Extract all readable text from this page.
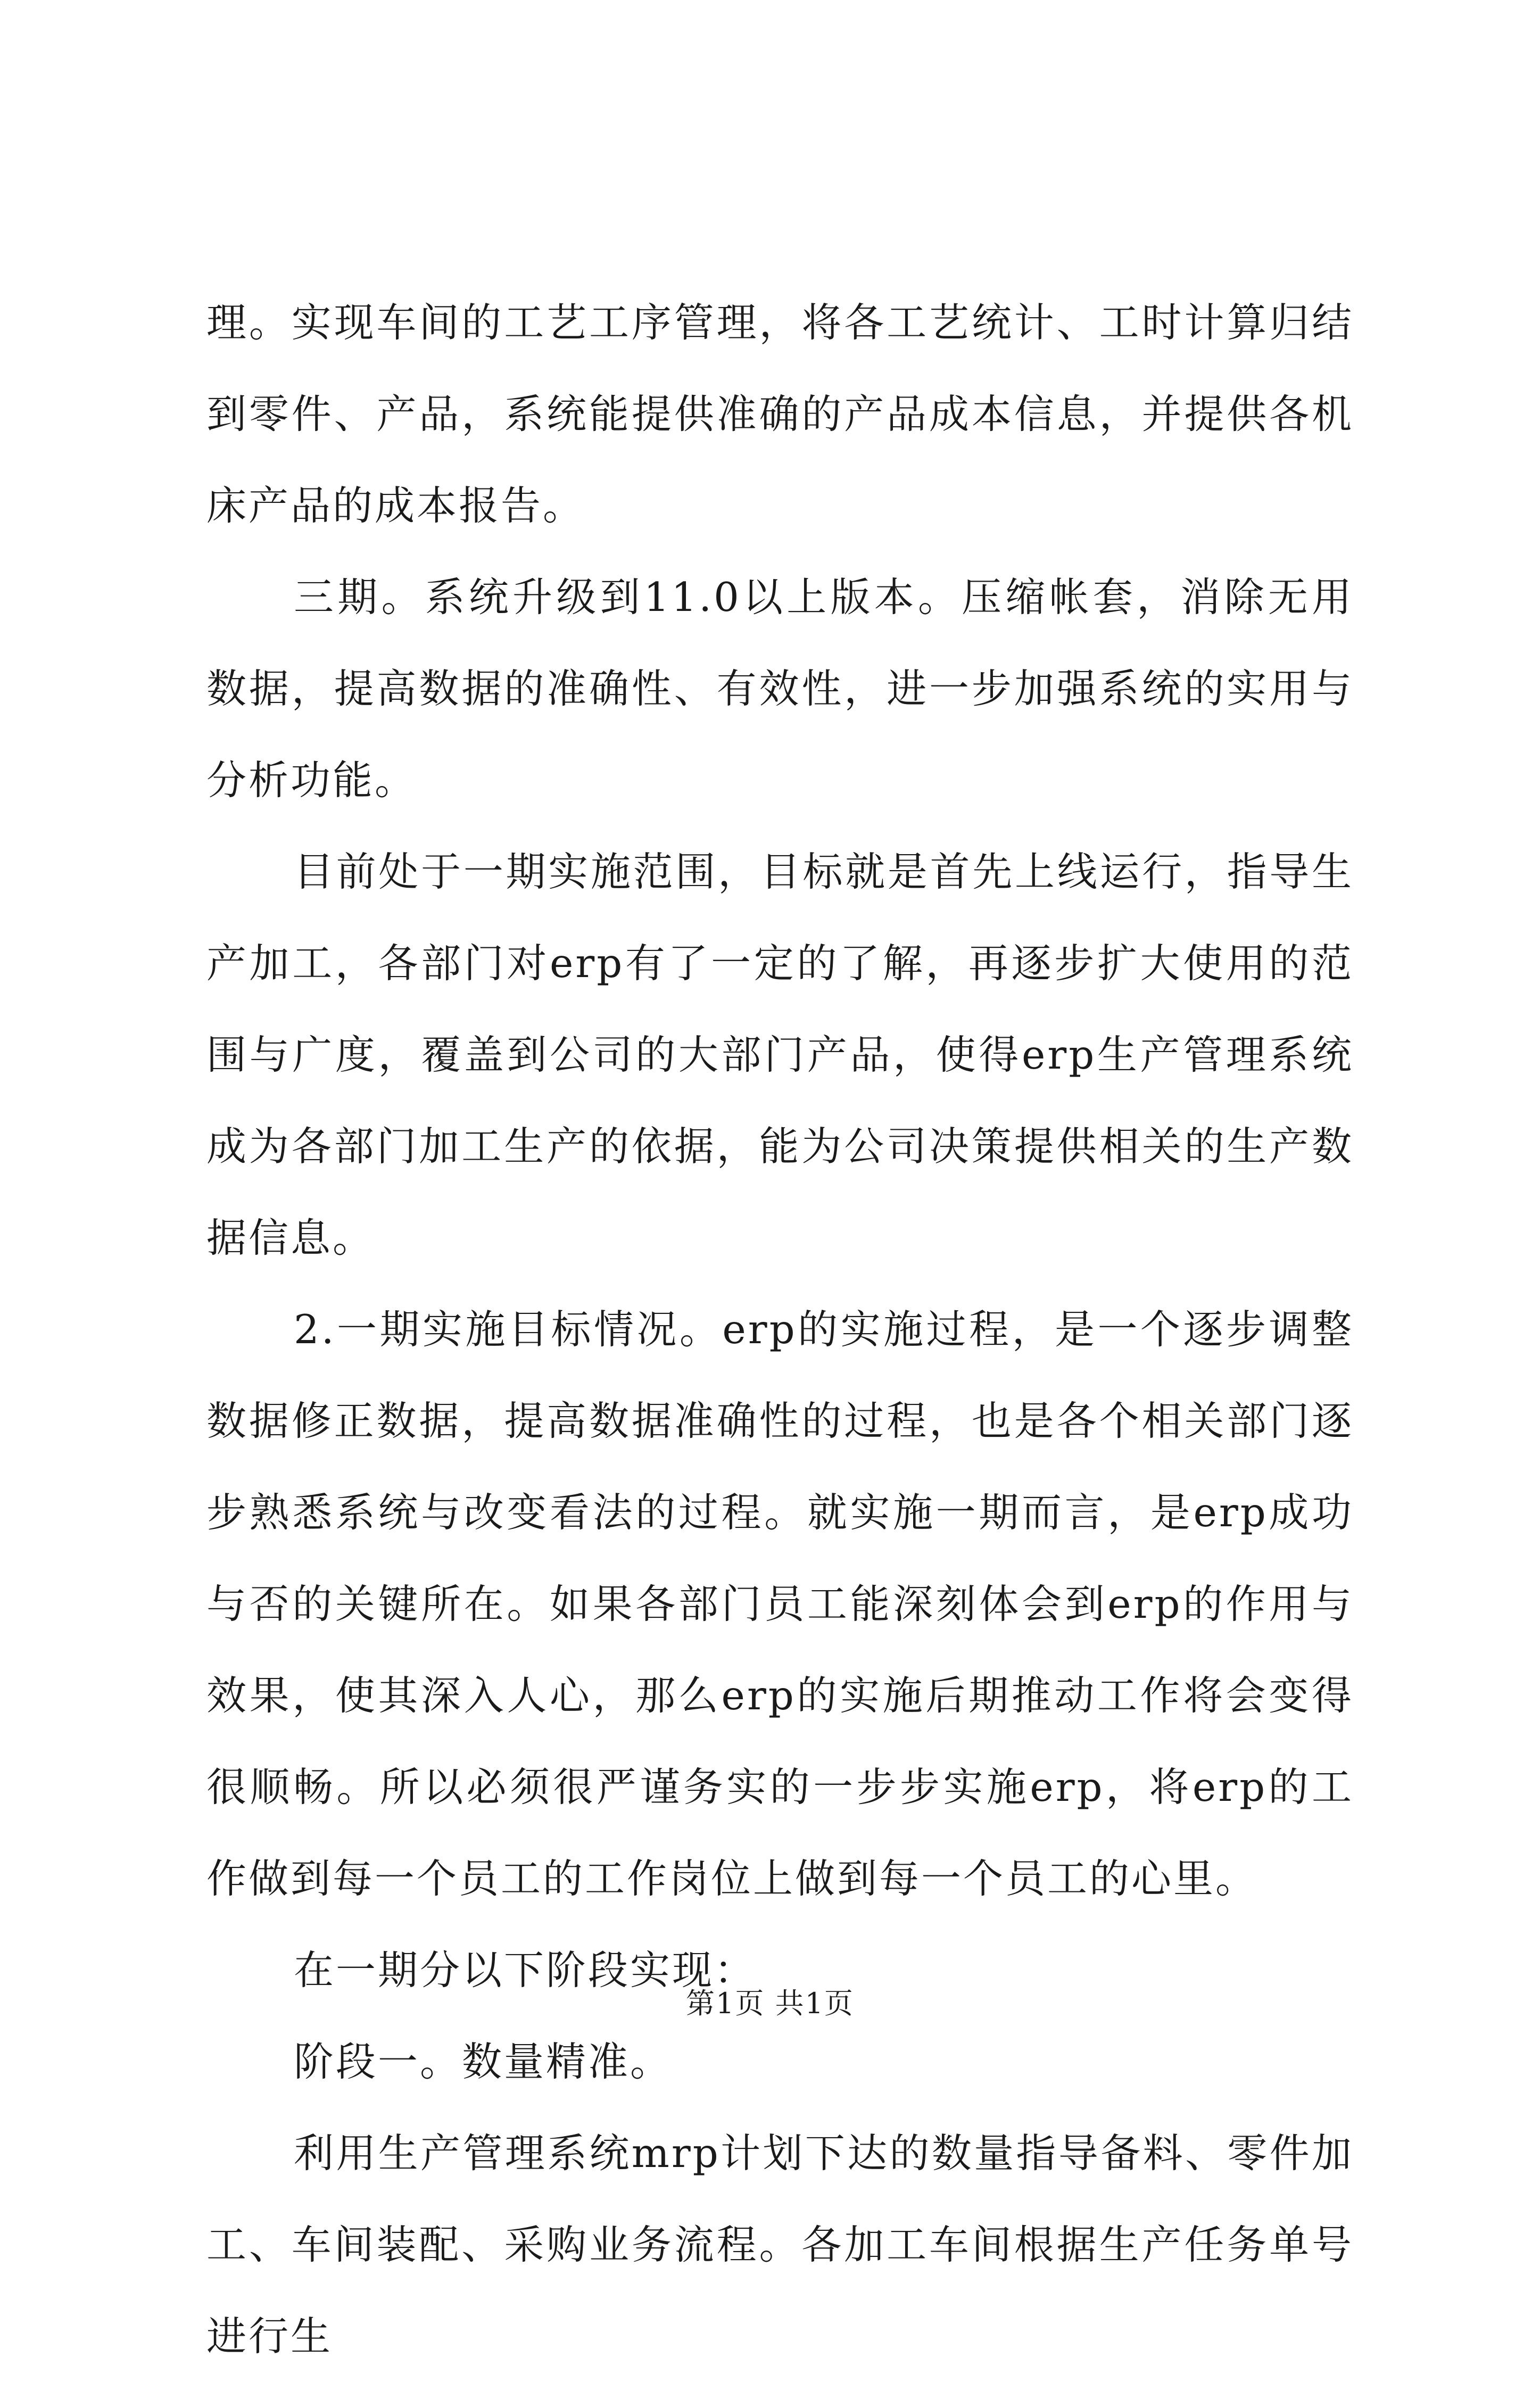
理。实现车间的工艺工序管理，将各工艺统计、工时计算归结到零件、产品，系统能提供准确的产品成本信息，并提供各机床产品的成本报告。

三期。系统升级到11.0以上版本。压缩帐套，消除无用数据，提高数据的准确性、有效性，进一步加强系统的实用与分析功能。

目前处于一期实施范围，目标就是首先上线运行，指导生产加工，各部门对erp有了一定的了解，再逐步扩大使用的范围与广度，覆盖到公司的大部门产品，使得erp生产管理系统成为各部门加工生产的依据，能为公司决策提供相关的生产数据信息。

2.一期实施目标情况。erp的实施过程，是一个逐步调整数据修正数据，提高数据准确性的过程，也是各个相关部门逐步熟悉系统与改变看法的过程。就实施一期而言，是erp成功与否的关键所在。如果各部门员工能深刻体会到erp的作用与效果，使其深入人心，那么erp的实施后期推动工作将会变得很顺畅。所以必须很严谨务实的一步步实施erp，将erp的工作做到每一个员工的工作岗位上做到每一个员工的心里。

在一期分以下阶段实现：

阶段一。数量精准。

利用生产管理系统mrp计划下达的数量指导备料、零件加工、车间装配、采购业务流程。各加工车间根据生产任务单号进行生

第1页 共1页
